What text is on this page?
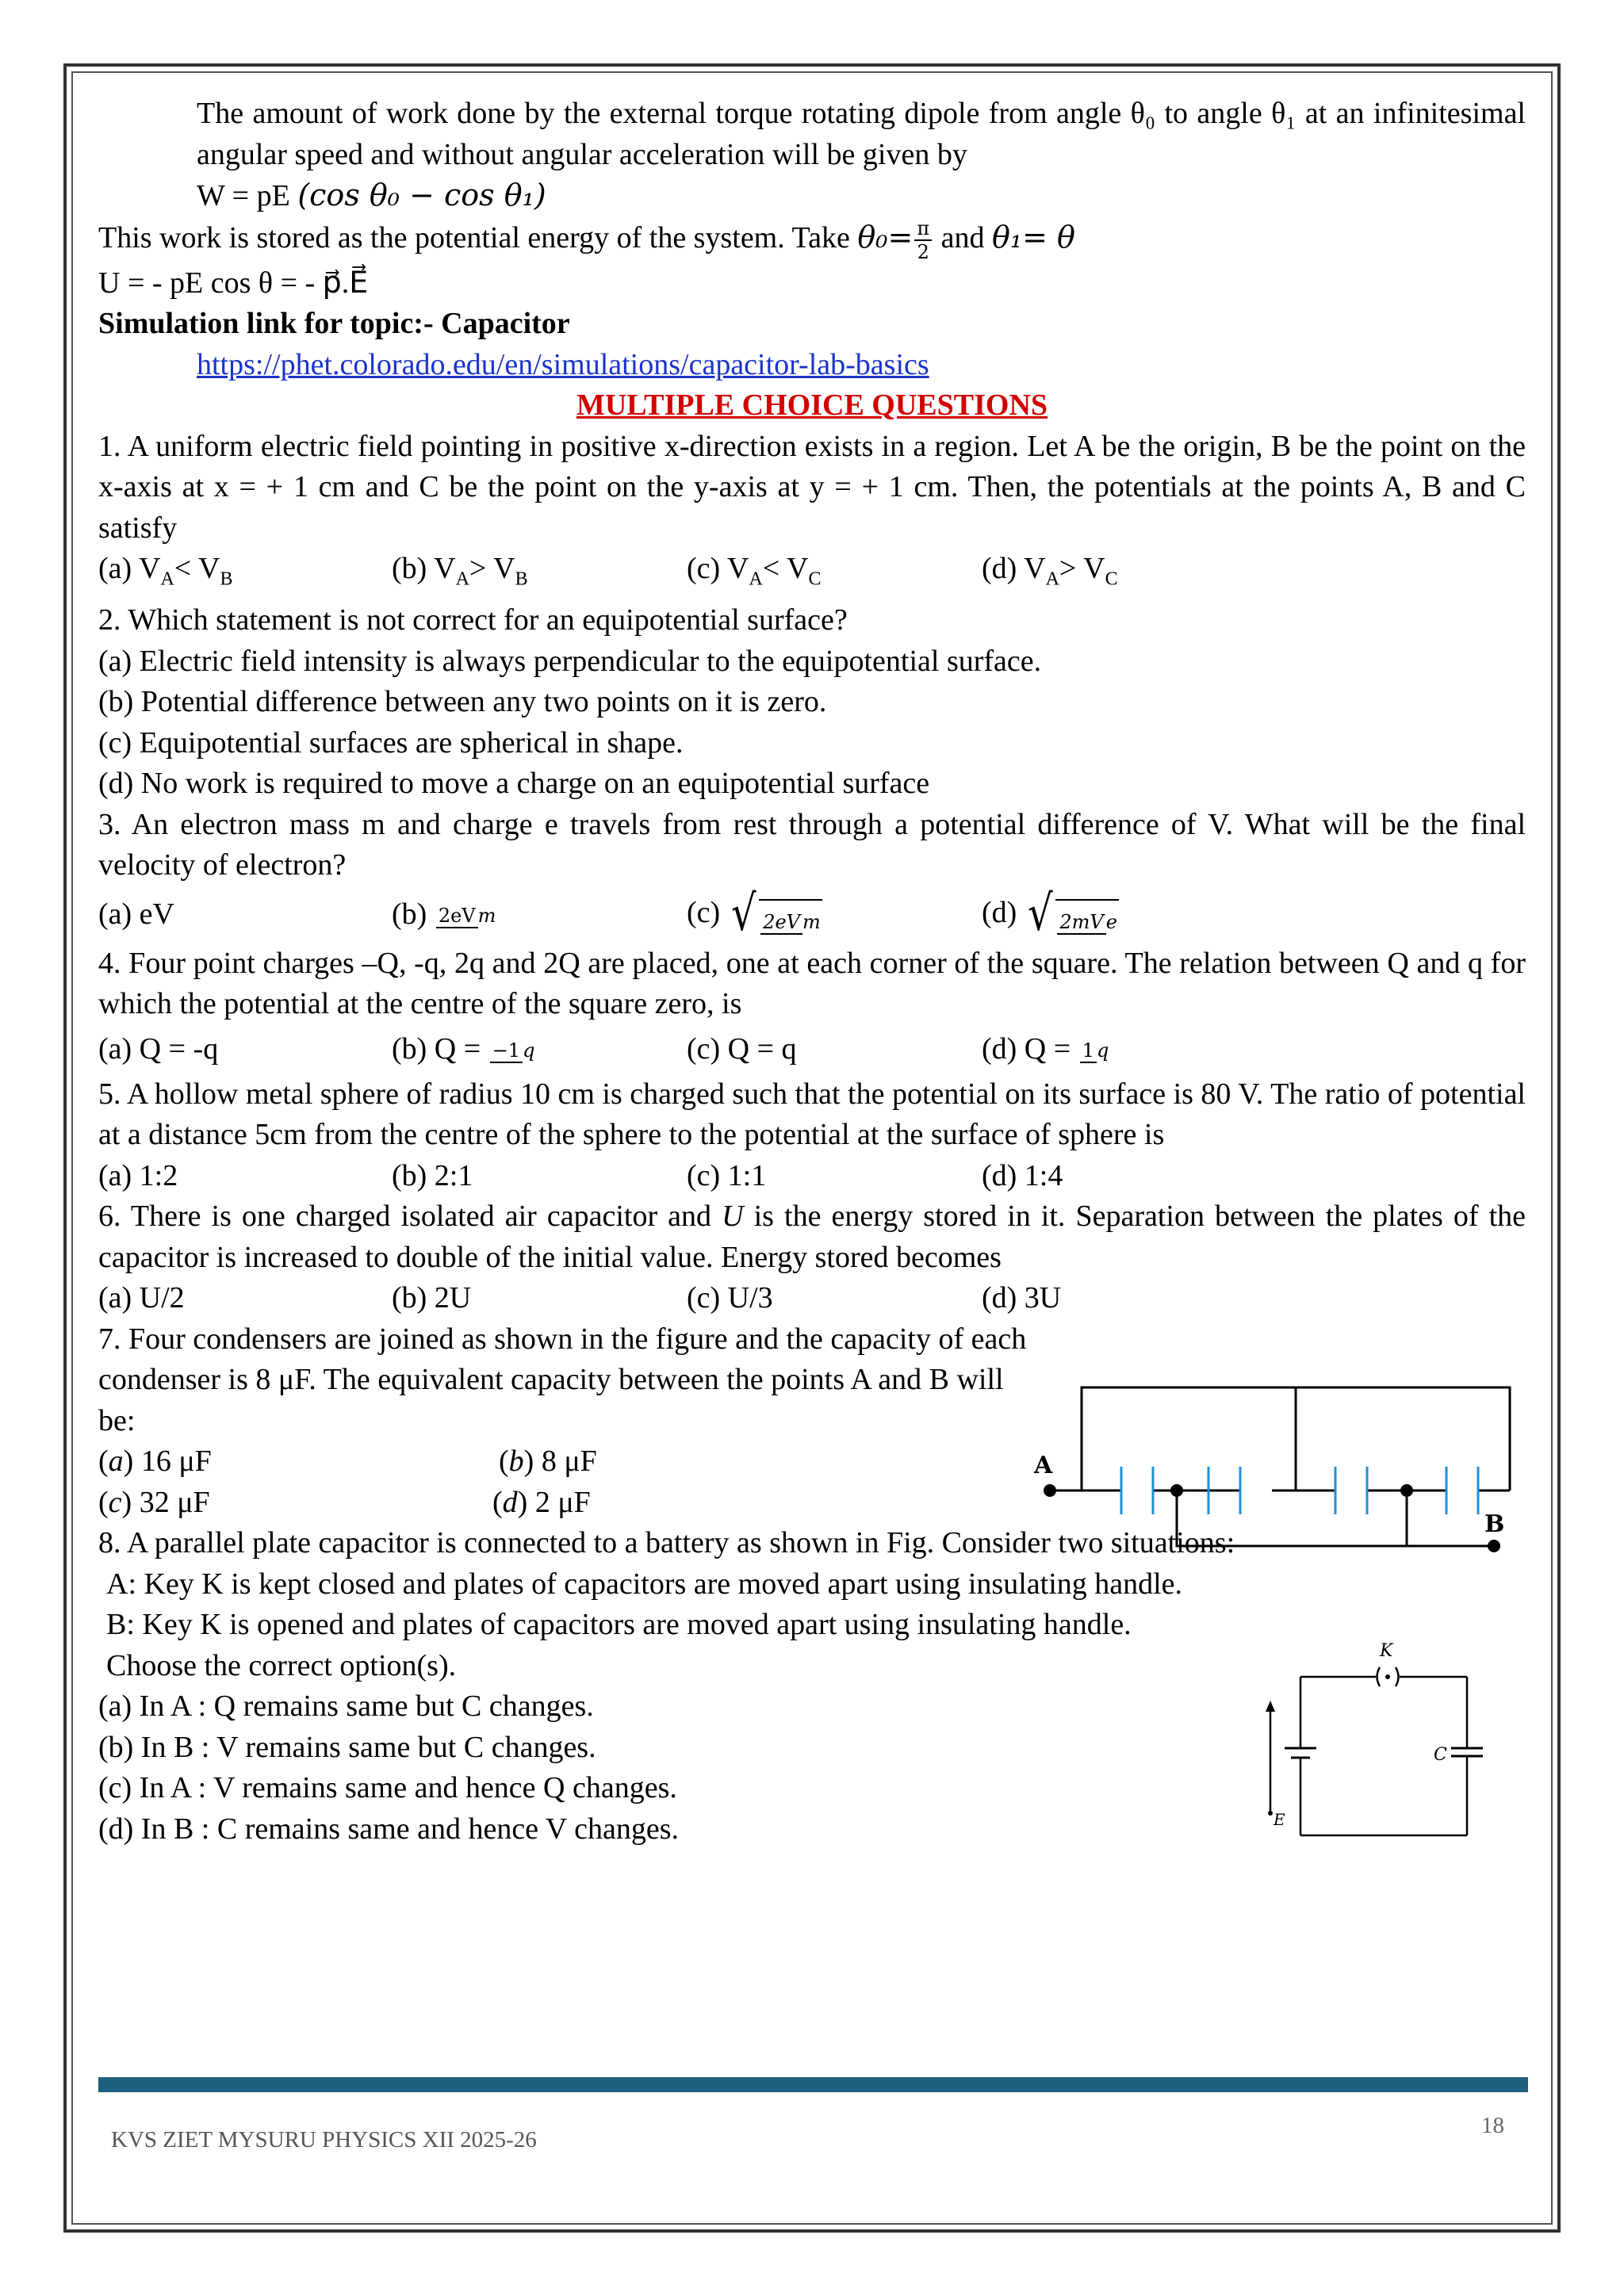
The amount of work done by the external torque rotating dipole from angle θ₀ to angle θ₁ at an infinitesimal angular speed and without angular acceleration will be given by
W = pE (cos θ₀ − cos θ₁)
This work is stored as the potential energy of the system. Take $\theta_0= \frac{\pi}{2}$ and θ₁= θ
U = - pE cos θ = - p⃗.E⃗
Simulation link for topic:- Capacitor
https://phet.colorado.edu/en/simulations/capacitor-lab-basics
MULTIPLE CHOICE QUESTIONS
1. A uniform electric field pointing in positive x-direction exists in a region. Let A be the origin, B be the point on the x-axis at x = + 1 cm and C be the point on the y-axis at y = + 1 cm. Then, the potentials at the points A, B and C satisfy
(a) $V_A< V_B$	(b) $V_A> V_B$	(c) $V_A< V_C$	(d) $V_A> V_C$
2. Which statement is not correct for an equipotential surface?
(a) Electric field intensity is always perpendicular to the equipotential surface.
(b) Potential difference between any two points on it is zero.
(c) Equipotential surfaces are spherical in shape.
(d) No work is required to move a charge on an equipotential surface
3. An electron mass m and charge e travels from rest through a potential difference of V. What will be the final velocity of electron?
(a) eV	(b) 2eV m	(c) √ 2eV m	(d) √ 2mV e
4. Four point charges –Q, -q, 2q and 2Q are placed, one at each corner of the square. The relation between Q and q for which the potential at the centre of the square zero, is
(a) Q = -q	(b) Q = −1 q	(c) Q = q	(d) Q = 1 q
5. A hollow metal sphere of radius 10 cm is charged such that the potential on its surface is 80 V. The ratio of potential at a distance 5cm from the centre of the sphere to the potential at the surface of sphere is
(a) 1:2	(b) 2:1	(c) 1:1	(d) 1:4
6. There is one charged isolated air capacitor and U is the energy stored in it. Separation between the plates of the capacitor is increased to double of the initial value. Energy stored becomes
(a) U/2	(b) 2U	(c) U/3	(d) 3U
7. Four condensers are joined as shown in the figure and the capacity of each condenser is 8 μF. The equivalent capacity between the points A and B will be:
(a) 16 μF	(b) 8 μF
(c) 32 μF	(d) 2 μF
8. A parallel plate capacitor is connected to a battery as shown in Fig. Consider two situations:
A: Key K is kept closed and plates of capacitors are moved apart using insulating handle.
B: Key K is opened and plates of capacitors are moved apart using insulating handle.
Choose the correct option(s).
(a) In A : Q remains same but C changes.
(b) In B : V remains same but C changes.
(c) In A : V remains same and hence Q changes.
(d) In B : C remains same and hence V changes.
A
B
K
C
E
KVS ZIET MYSURU PHYSICS XII 2025-26
18
